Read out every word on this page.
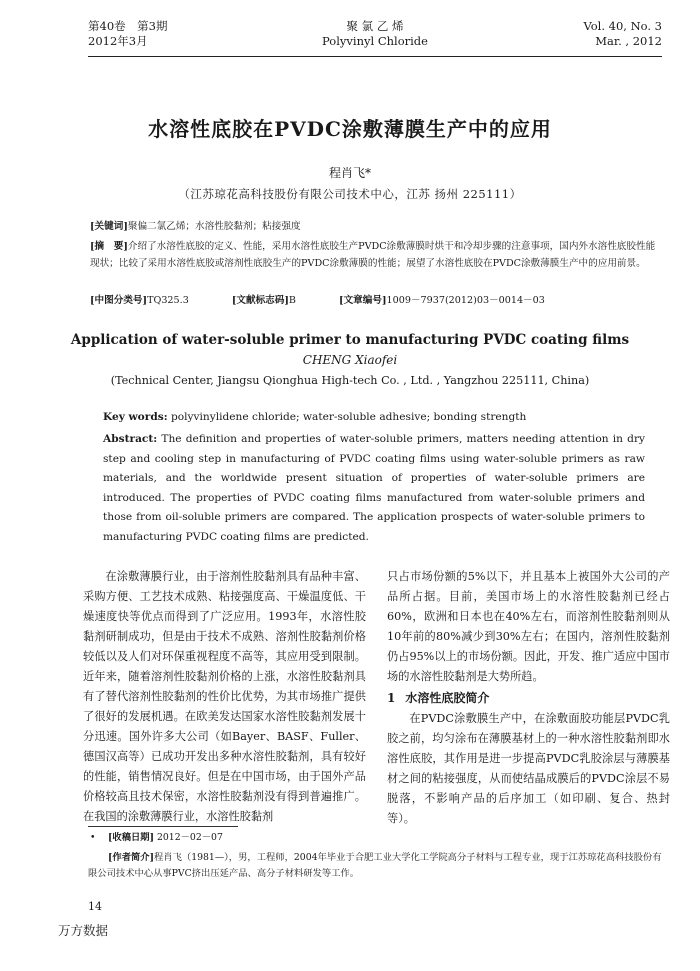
第40卷　第3期
2012年3月
聚 氯 乙 烯
Polyvinyl Chloride
Vol. 40, No. 3
Mar. , 2012
水溶性底胶在PVDC涂敷薄膜生产中的应用
程肖飞*
（江苏琼花高科技股份有限公司技术中心，江苏 扬州 225111）
[关键词]聚偏二氯乙烯；水溶性胶黏剂；粘接强度
[摘　要]介绍了水溶性底胶的定义、性能，采用水溶性底胶生产PVDC涂敷薄膜时烘干和冷却步骤的注意事项，国内外水溶性底胶性能现状；比较了采用水溶性底胶或溶剂性底胶生产的PVDC涂敷薄膜的性能；展望了水溶性底胶在PVDC涂敷薄膜生产中的应用前景。
[中图分类号]TQ325.3	[文献标志码]B	[文章编号]1009－7937(2012)03－0014－03
Application of water-soluble primer to manufacturing PVDC coating films
CHENG Xiaofei
(Technical Center, Jiangsu Qionghua High-tech Co. , Ltd. , Yangzhou 225111, China)
Key words: polyvinylidene chloride; water-soluble adhesive; bonding strength
Abstract: The definition and properties of water-soluble primers, matters needing attention in dry step and cooling step in manufacturing of PVDC coating films using water-soluble primers as raw materials, and the worldwide present situation of properties of water-soluble primers are introduced. The properties of PVDC coating films manufactured from water-soluble primers and those from oil-soluble primers are compared. The application prospects of water-soluble primers to manufacturing PVDC coating films are predicted.

在涂敷薄膜行业，由于溶剂性胶黏剂具有品种丰富、采购方便、工艺技术成熟、粘接强度高、干燥温度低、干燥速度快等优点而得到了广泛应用。1993年，水溶性胶黏剂研制成功，但是由于技术不成熟、溶剂性胶黏剂价格较低以及人们对环保重视程度不高等，其应用受到限制。近年来，随着溶剂性胶黏剂价格的上涨，水溶性胶黏剂具有了替代溶剂性胶黏剂的性价比优势，为其市场推广提供了很好的发展机遇。在欧美发达国家水溶性胶黏剂发展十分迅速。国外许多大公司（如Bayer、BASF、Fuller、德国汉高等）已成功开发出多种水溶性胶黏剂，具有较好的性能，销售情况良好。但是在中国市场，由于国外产品价格较高且技术保密，水溶性胶黏剂没有得到普遍推广。在我国的涂敷薄膜行业，水溶性胶黏剂

只占市场份额的5%以下，并且基本上被国外大公司的产品所占据。目前，美国市场上的水溶性胶黏剂已经占60%，欧洲和日本也在40%左右，而溶剂性胶黏剂则从10年前的80%减少到30%左右；在国内，溶剂性胶黏剂仍占95%以上的市场份额。因此，开发、推广适应中国市场的水溶性胶黏剂是大势所趋。

1 水溶性底胶简介

在PVDC涂敷膜生产中，在涂敷面胶功能层PVDC乳胶之前，均匀涂布在薄膜基材上的一种水溶性胶黏剂即水溶性底胶，其作用是进一步提高PVDC乳胶涂层与薄膜基材之间的粘接强度，从而使结晶成膜后的PVDC涂层不易脱落，不影响产品的后序加工（如印刷、复合、热封等）。

• [收稿日期] 2012－02－07
[作者简介]程肖飞（1981—），男，工程师，2004年毕业于合肥工业大学化工学院高分子材料与工程专业，现于江苏琼花高科技股份有限公司技术中心从事PVC挤出压延产品、高分子材料研发等工作。
14
万方数据
